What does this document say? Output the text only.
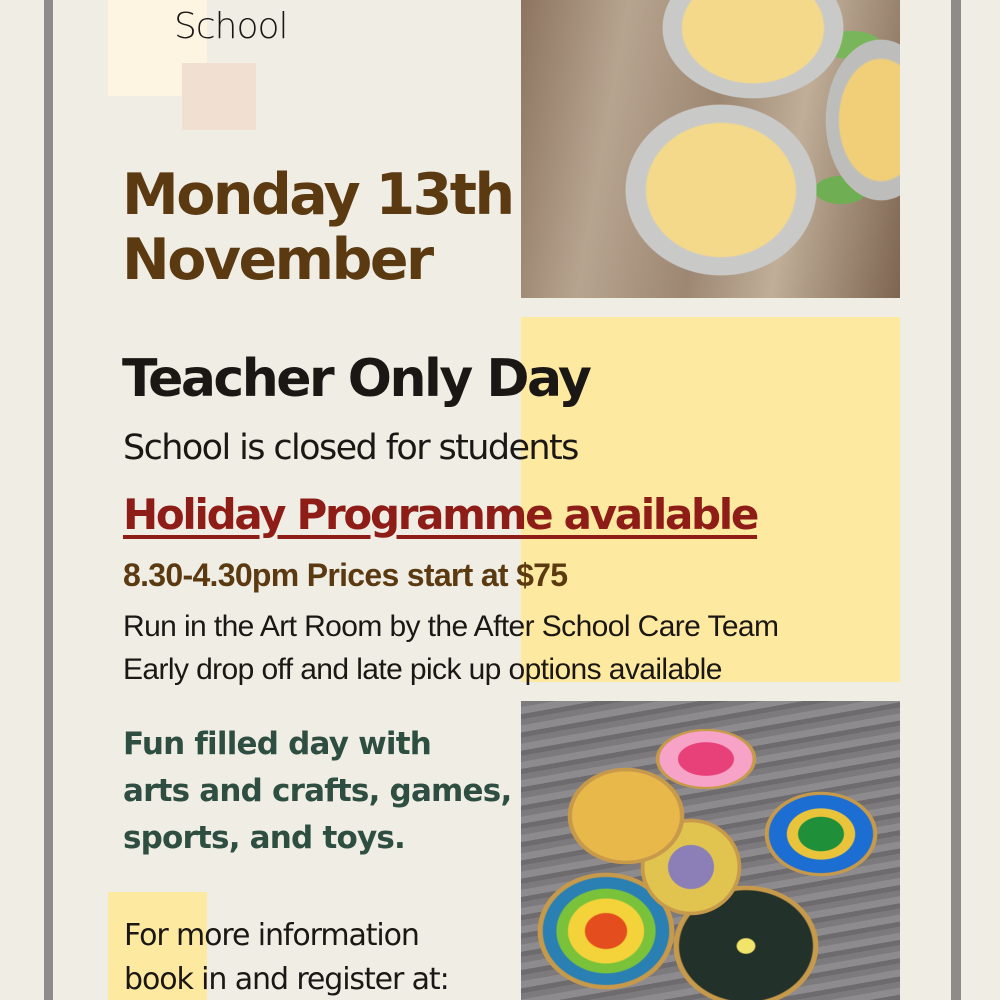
School
Monday 13th
November
Teacher Only Day
School is closed for students
Holiday Programme available
8.30-4.30pm Prices start at $75
Run in the Art Room by the After School Care Team
Early drop off and late pick up options available
Fun filled day with
arts and crafts, games,
sports, and toys.
For more information
book in and register at:
